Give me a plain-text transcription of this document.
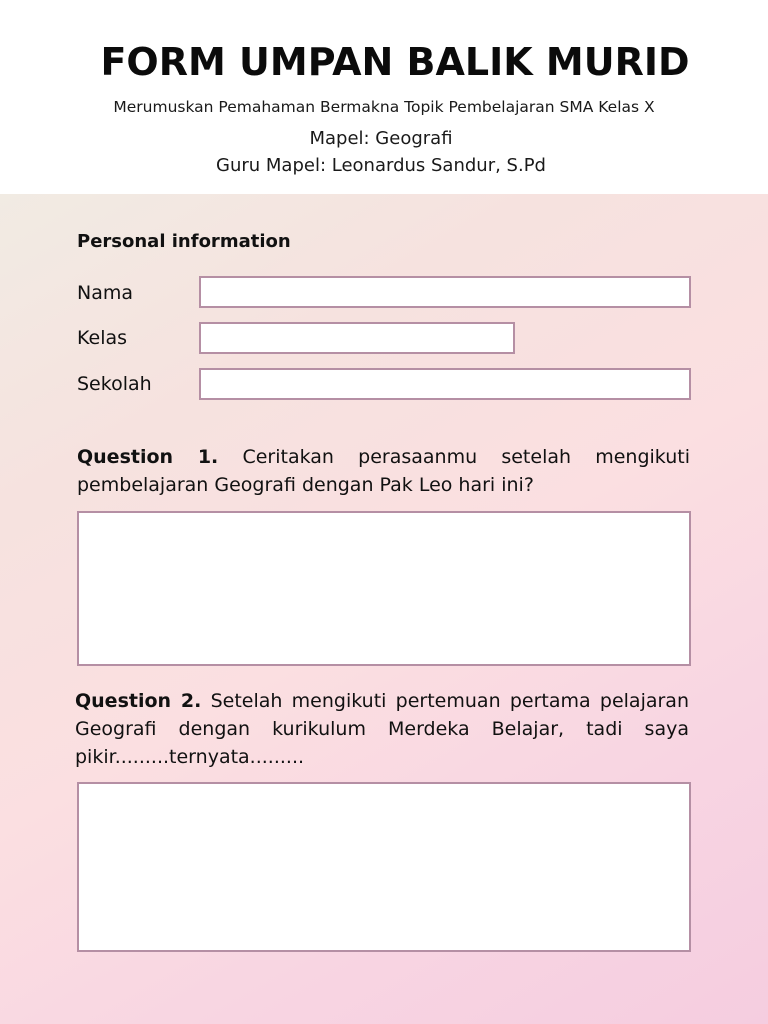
FORM UMPAN BALIK MURID
Merumuskan Pemahaman Bermakna Topik Pembelajaran SMA Kelas X
Mapel: Geografi
Guru Mapel: Leonardus Sandur, S.Pd
Personal information
Nama
Kelas
Sekolah
Question 1. Ceritakan perasaanmu setelah mengikuti pembelajaran Geografi dengan Pak Leo hari ini?
Question 2. Setelah mengikuti pertemuan pertama pelajaran Geografi dengan kurikulum Merdeka Belajar, tadi saya pikir.........ternyata.........
